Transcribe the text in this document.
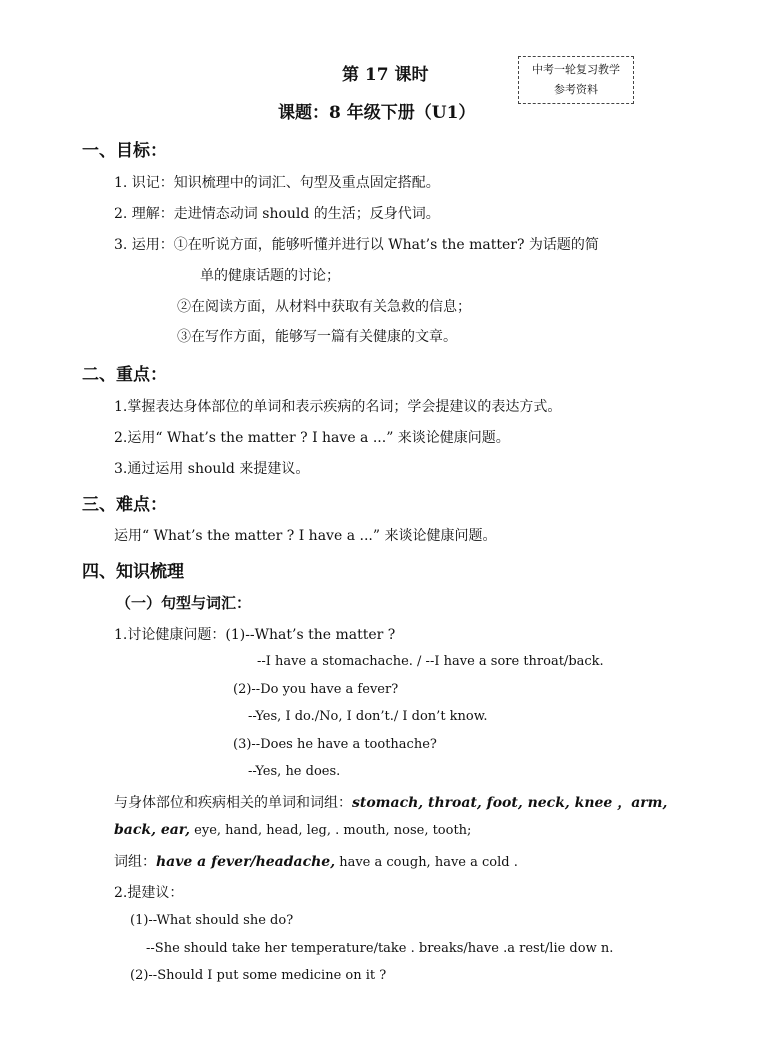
第 17 课时
课题：8 年级下册（U1）
中考一轮复习教学
参考资料
一、目标：
1. 识记：知识梳理中的词汇、句型及重点固定搭配。
2. 理解：走进情态动词 should 的生活；反身代词。
3. 运用：①在听说方面，能够听懂并进行以 What’s the matter? 为话题的简
单的健康话题的讨论；
②在阅读方面，从材料中获取有关急救的信息；
③在写作方面，能够写一篇有关健康的文章。
二、重点：
1.掌握表达身体部位的单词和表示疾病的名词；学会提建议的表达方式。
2.运用“ What’s the matter ? I have a ...” 来谈论健康问题。
3.通过运用 should 来提建议。
三、难点：
运用“ What’s the matter ? I have a ...” 来谈论健康问题。
四、知识梳理
（一）句型与词汇：
1.讨论健康问题：(1)--What’s the matter ?
--I have a stomachache. / --I have a sore throat/back.
(2)--Do you have a fever?
--Yes, I do./No, I don’t./ I don’t know.
(3)--Does he have a toothache?
--Yes, he does.
与身体部位和疾病相关的单词和词组：stomach, throat, foot, neck, knee ，arm,
back, ear, eye, hand, head, leg, . mouth, nose, tooth;
词组：have a fever/headache, have a cough, have a cold .
2.提建议：
(1)--What should she do?
--She should take her temperature/take . breaks/have .a rest/lie dow n.
(2)--Should I put some medicine on it ?
